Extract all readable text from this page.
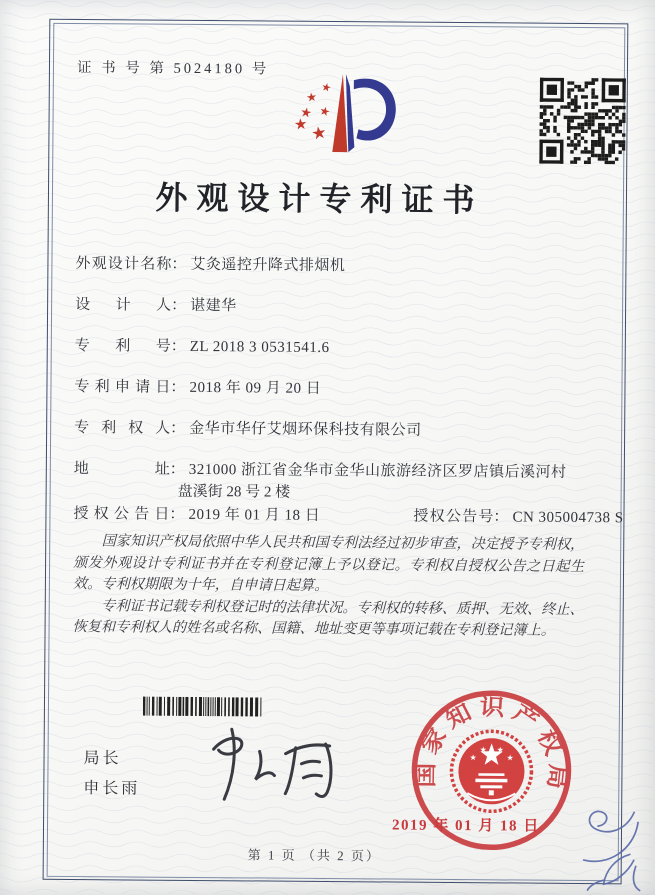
证 书 号 第 5024180 号
★
★
★
★
★
★
外观设计专利证书
外观设计名称： 艾灸遥控升降式排烟机
设计人： 谌建华
专利号： ZL 2018 3 0531541.6
专利申请日： 2018 年 09 月 20 日
专利权人： 金华市华仔艾烟环保科技有限公司
地址： 321000 浙江省金华市金华山旅游经济区罗店镇后溪河村
盘溪街 28 号 2 楼
授权公告日： 2019 年 01 月 18 日	授权公告号： CN 305004738 S

国家知识产权局依照中华人民共和国专利法经过初步审查，决定授予专利权，颁发外观设计专利证书并在专利登记簿上予以登记。专利权自授权公告之日起生效。专利权期限为十年，自申请日起算。

专利证书记载专利权登记时的法律状况。专利权的转移、质押、无效、终止、恢复和专利权人的姓名或名称、国籍、地址变更等事项记载在专利登记簿上。

局长
申长雨
国家知识产权局
★
★ ★
★
2019 年 01 月 18 日
第 1 页 （共 2 页）
